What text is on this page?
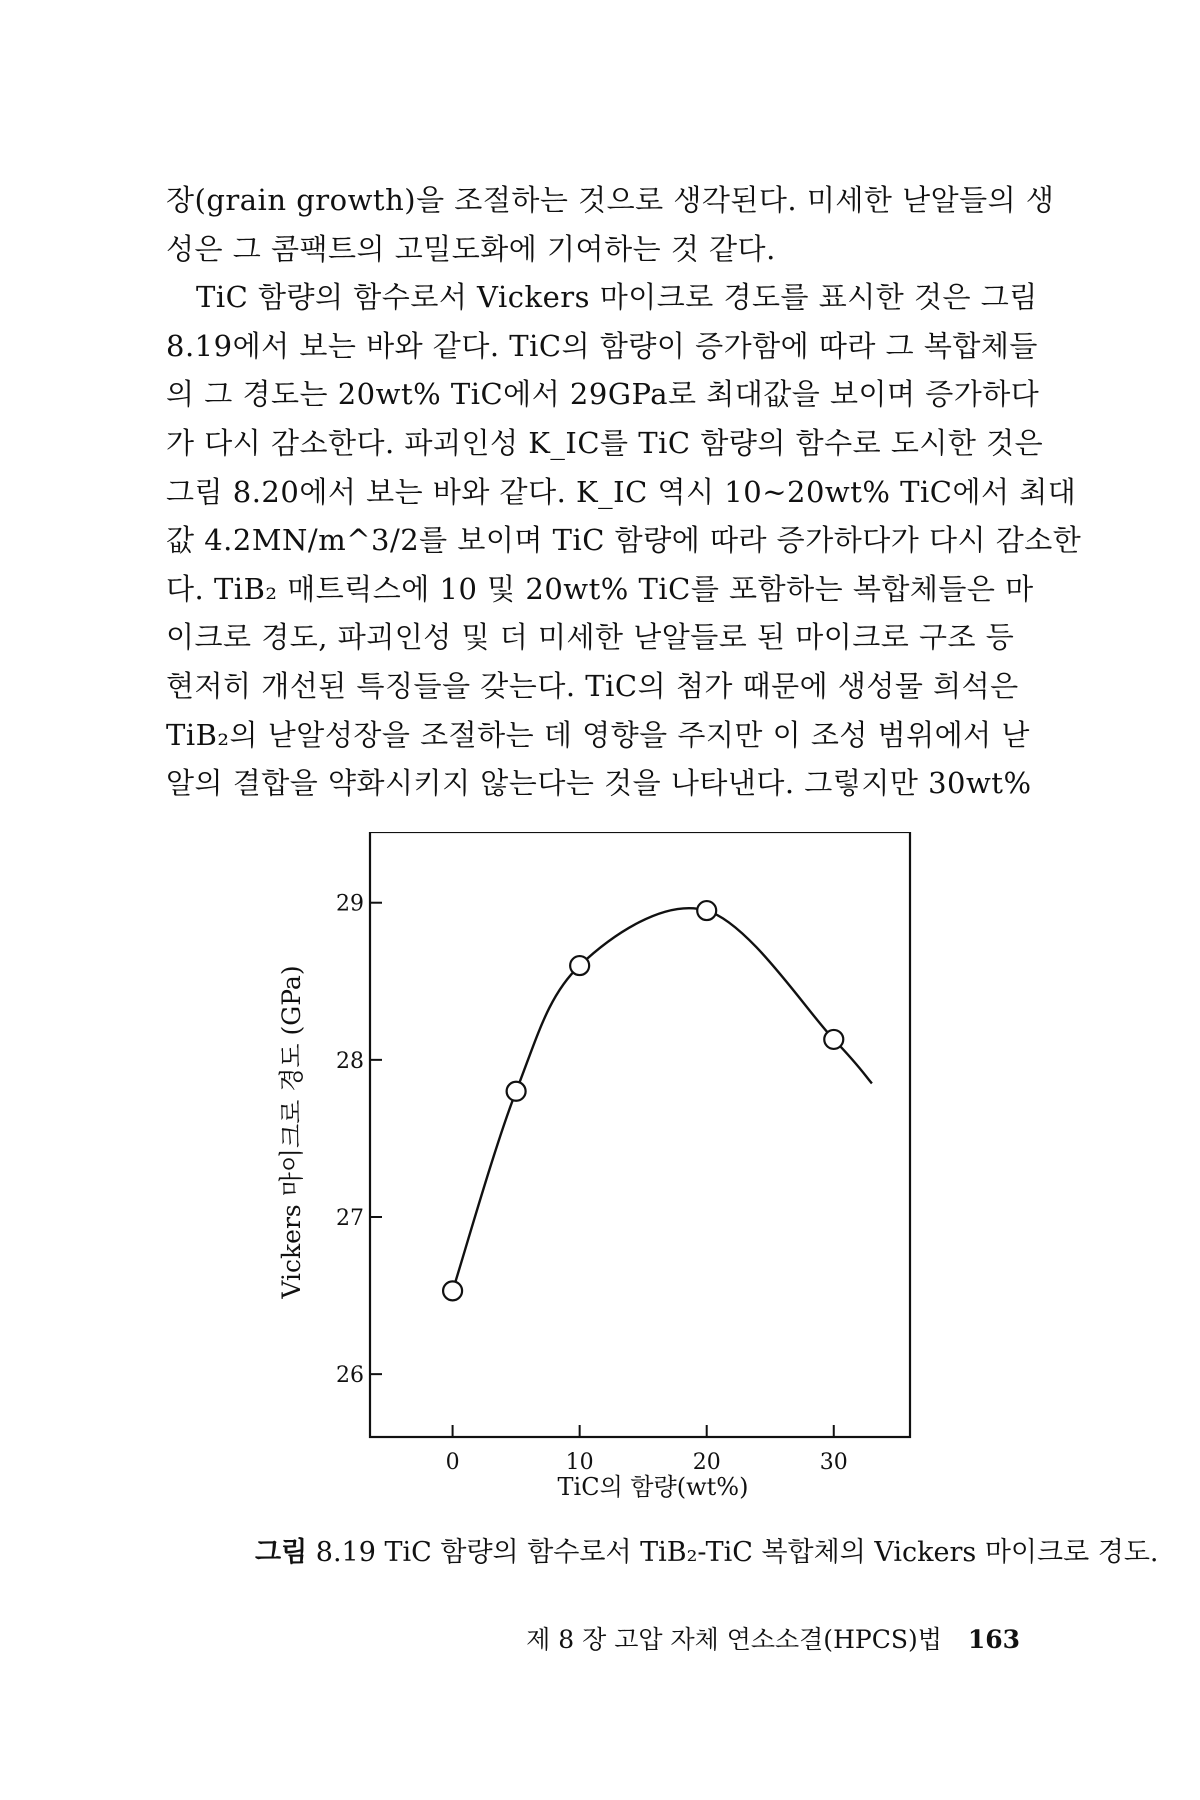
장(grain growth)을 조절하는 것으로 생각된다. 미세한 낟알들의 생
성은 그 콤팩트의 고밀도화에 기여하는 것 같다.

TiC 함량의 함수로서 Vickers 마이크로 경도를 표시한 것은 그림
8.19에서 보는 바와 같다. TiC의 함량이 증가함에 따라 그 복합체들
의 그 경도는 20wt% TiC에서 29GPa로 최대값을 보이며 증가하다
가 다시 감소한다. 파괴인성 K_IC를 TiC 함량의 함수로 도시한 것은
그림 8.20에서 보는 바와 같다. K_IC 역시 10~20wt% TiC에서 최대
값 4.2MN/m^3/2를 보이며 TiC 함량에 따라 증가하다가 다시 감소한
다. TiB₂ 매트릭스에 10 및 20wt% TiC를 포함하는 복합체들은 마
이크로 경도, 파괴인성 및 더 미세한 낟알들로 된 마이크로 구조 등
현저히 개선된 특징들을 갖는다. TiC의 첨가 때문에 생성물 희석은
TiB₂의 낟알성장을 조절하는 데 영향을 주지만 이 조성 범위에서 낟
알의 결합을 약화시키지 않는다는 것을 나타낸다. 그렇지만 30wt%

Vickers 마이크로 경도 (GPa)
TiC의 함량(wt%)
26
27
28
29
0	10	20	30
그림 8.19 TiC 함량의 함수로서 TiB₂-TiC 복합체의 Vickers 마이크로 경도.
제 8 장 고압 자체 연소소결(HPCS)법 163
